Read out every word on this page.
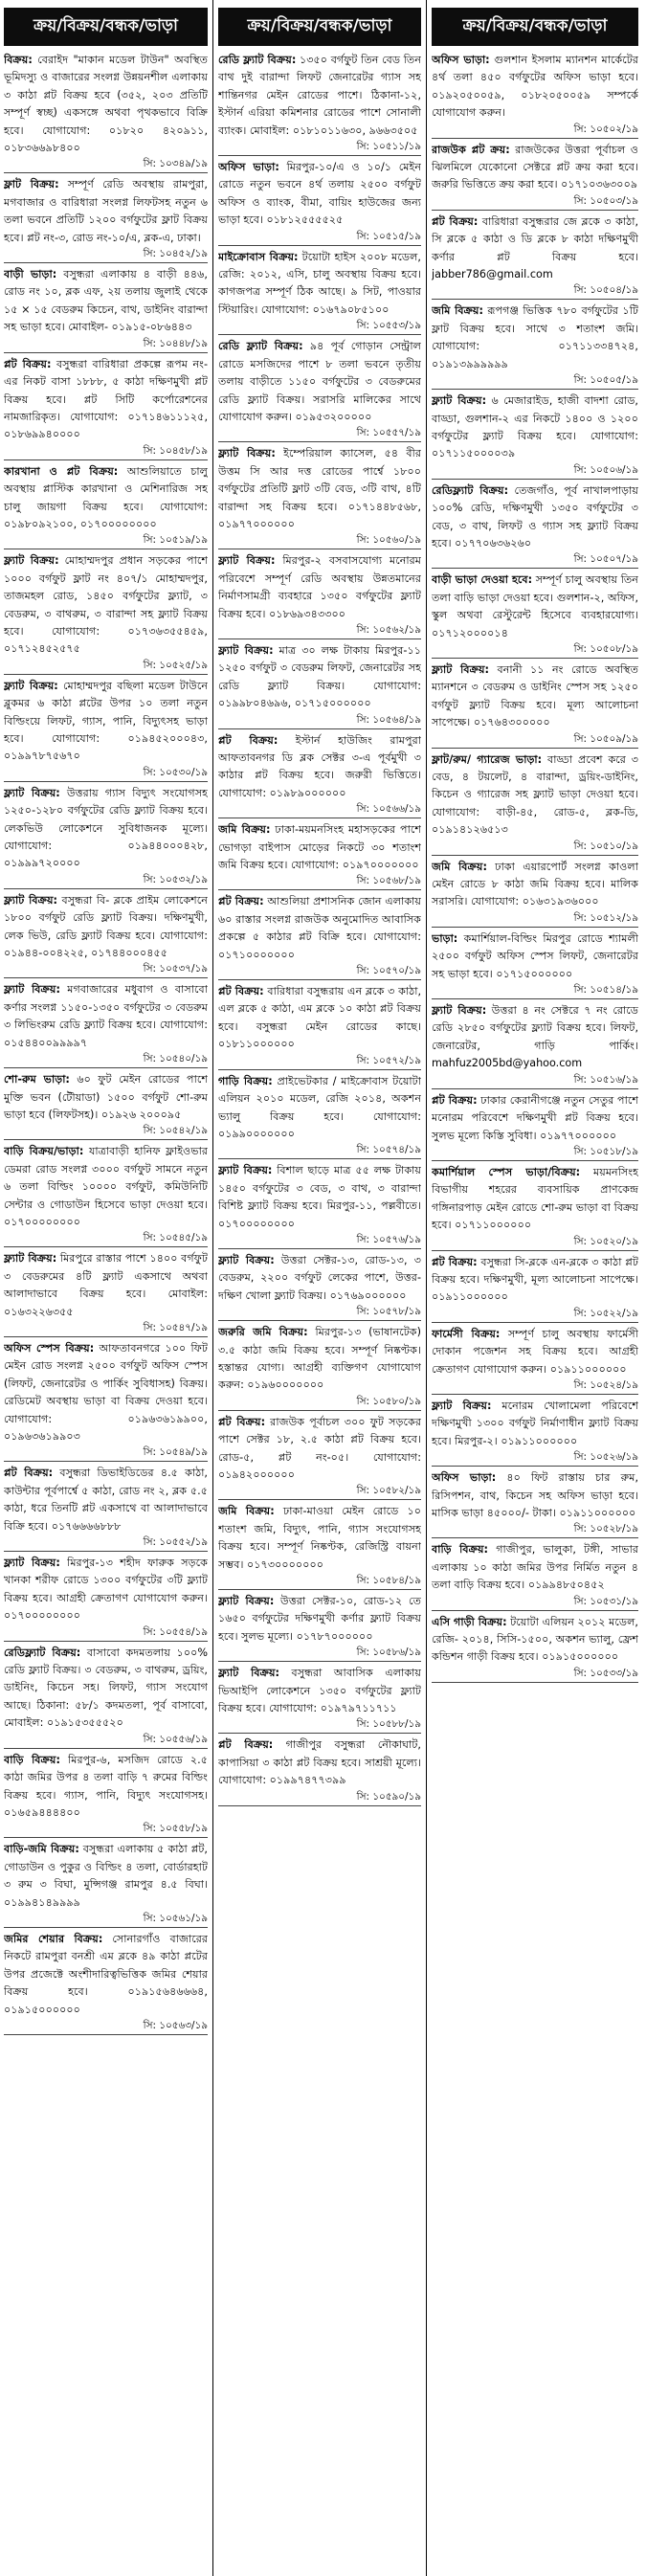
ক্রয়/বিক্রয়/বন্ধক/ভাড়া
বিক্রয়: বেরাইদ "মাকান মডেল টাউন" অবস্থিত ভূমিদস্যু ও বাজারের সংলগ্ন উন্নয়নশীল এলাকায় ৩ কাঠা প্লট বিক্রয় হবে (৩৫২, ২০৩ প্রতিটি সম্পূর্ণ স্বচ্ছ) একসঙ্গে অথবা পৃথকভাবে বিক্রি হবে। যোগাযোগ: ০১৮২০ ৪২০৯১১, ০১৮৩৬৬৯৮৪০০
সি: ১০৩৪৯/১৯
ফ্লাট বিক্রয়: সম্পূর্ণ রেডি অবস্থায় রামপুরা, মগবাজার ও বারিধারা সংলগ্ন লিফটসহ নতুন ৬ তলা ভবনে প্রতিটি ১২০০ বর্গফুটের ফ্লাট বিক্রয় হবে। প্লট নং-৩, রোড নং-১০/এ, ব্লক-এ, ঢাকা।
সি: ১০৪৫২/১৯
বাড়ী ভাড়া: বসুন্ধরা এলাকায় ৪ বাড়ী ৪৪৬, রোড নং ১০, ব্লক এফ, ২য় তলায় জুলাই থেকে ১৫ × ১৫ বেডরুম কিচেন, বাথ, ডাইনিং বারান্দা সহ ভাড়া হবে। মোবাইল- ০১৯১৫-০৮৬৪৪৩
সি: ১০৪৪৮/১৯
প্লট বিক্রয়: বসুন্ধরা বারিধারা প্রকল্পে রূপম নং-এর নিকট বাসা ১৮৮৮, ৫ কাঠা দক্ষিণমুখী প্লট বিক্রয় হবে। প্লট সিটি কর্পোরেশনের নামজারিকৃত। যোগাযোগ: ০১৭১৪৬১১১২৫, ০১৮৬৯৯৪০০০০
সি: ১০৪৫৮/১৯
কারখানা ও প্লট বিক্রয়: আশুলিয়াতে চালু অবস্থায় প্লাস্টিক কারখানা ও মেশিনারিজ সহ চালু জায়গা বিক্রয় হবে। যোগাযোগ: ০১৯৮০৯২১০০, ০১৭০০০০০০০০
সি: ১০৫১৯/১৯
ফ্ল্যাট বিক্রয়: মোহাম্মদপুর প্রধান সড়কের পাশে ১০০০ বর্গফুট ফ্লাট নং ৪০৭/১ মোহাম্মদপুর, তাজমহল রোড, ১৪৫০ বর্গফুটের ফ্ল্যাট, ৩ বেডরুম, ৩ বাথরুম, ৩ বারান্দা সহ ফ্ল্যাট বিক্রয় হবে। যোগাযোগ: ০১৭৩৬৩৫৫৪৫৯, ০১৭১২৪৫২৫৭৫
সি: ১০৫২৫/১৯
ফ্ল্যাট বিক্রয়: মোহাম্মদপুর বছিলা মডেল টাউনে ব্লুকমর ৬ কাঠা প্লটের উপর ১০ তলা নতুন বিল্ডিংয়ে লিফট, গ্যাস, পানি, বিদ্যুৎসহ ভাড়া হবে। যোগাযোগ: ০১৯৪৫২০০০৪৩, ০১৯৯৭৮৭৫৬৭০
সি: ১০৫৩০/১৯
ফ্ল্যাট বিক্রয়: উত্তরায় গ্যাস বিদ্যুৎ সংযোগসহ ১২৫০-১২৮০ বর্গফুটের রেডি ফ্ল্যাট বিক্রয় হবে। লেকভিউ লোকেশনে সুবিধাজনক মূল্যে। যোগাযোগ: ০১৯৪৪০০০৪২৮, ০১৯৯৯৭২০০০০
সি: ১০৫৩২/১৯
ফ্ল্যাট বিক্রয়: বসুন্ধরা বি- ব্লকে প্রাইম লোকেশনে ১৮০০ বর্গফুট রেডি ফ্ল্যাট বিক্রয়। দক্ষিণমুখী, লেক ভিউ, রেডি ফ্ল্যাট বিক্রয় হবে। যোগাযোগ: ০১৯৪৪-০০৪২২৫, ০১৭৪৪০০০৪৫৫
সি: ১০৫৩৭/১৯
ফ্ল্যাট বিক্রয়: মগবাজারের মধুবাগ ও বাসাবো কর্ণার সংলগ্ন ১১৫০-১৩৫০ বর্গফুটের ৩ বেডরুম ৩ লিভিংরুম রেডি ফ্ল্যাট বিক্রয় হবে। যোগাযোগ: ০১৫৪৪০০৯৯৯৯৭
সি: ১০৫৪০/১৯
শো-রুম ভাড়া: ৬০ ফুট মেইন রোডের পাশে মুক্তি ভবন (টৌয়াডা) ১৫০০ বর্গফুট শো-রুম ভাড়া হবে (লিফটসহ)। ০১৯২৬ ২০০০৯৫
সি: ১০৫৪২/১৯
বাড়ি বিক্রয়/ভাড়া: যাত্রাবাড়ী হানিফ ফ্লাইওভার ডেমরা রোড সংলগ্ন ৩০০০ বর্গফুট সামনে নতুন ৬ তলা বিল্ডিং ১০০০০ বর্গফুট, কমিউনিটি সেন্টার ও গোডাউন হিসেবে ভাড়া দেওয়া হবে। ০১৭০০০০০০০০
সি: ১০৫৪৫/১৯
ফ্ল্যাট বিক্রয়: মিরপুরে রাস্তার পাশে ১৪০০ বর্গফুট ৩ বেডরুমের ৪টি ফ্ল্যাট একসাথে অথবা আলাদাভাবে বিক্রয় হবে। মোবাইল: ০১৬৩২২৬৩৫৫
সি: ১০৫৪৭/১৯
অফিস স্পেস বিক্রয়: আফতাবনগরে ১০০ ফিট মেইন রোড সংলগ্ন ২৫০০ বর্গফুট অফিস স্পেস (লিফট, জেনারেটর ও পার্কিং সুবিধাসহ) বিক্রয়। রেডিমেট অবস্থায় ভাড়া বা বিক্রয় দেওয়া হবে। যোগাযোগ: ০১৯৬৩৬১৯৯০০, ০১৯৬৩৬১৯৯০৩
সি: ১০৫৪৯/১৯
প্লট বিক্রয়: বসুন্ধরা ডিভাইডিডের ৪.৫ কাঠা, কাউন্টার পূর্বপার্শ্বে ৫ কাঠা, রোড নং ২, ব্লক ৫.৫ কাঠা, ধরে তিনটি প্লট একসাথে বা আলাদাভাবে বিক্রি হবে। ০১৭৬৬৬৬৮৮৮
সি: ১০৫৫২/১৯
ফ্ল্যাট বিক্রয়: মিরপুর-১৩ শহীদ ফারুক সড়কে খানকা শরীফ রোডে ১৩০০ বর্গফুটের ৩টি ফ্ল্যাট বিক্রয় হবে। আগ্রহী ক্রেতাগণ যোগাযোগ করুন। ০১৭০০০০০০০০
সি: ১০৫৫৪/১৯
রেডিফ্ল্যাট বিক্রয়: বাসাবো কদমতলায় ১০০% রেডি ফ্ল্যাট বিক্রয়। ৩ বেডরুম, ৩ বাথরুম, ড্রয়িং, ডাইনিং, কিচেন সহ। লিফট, গ্যাস সংযোগ আছে। ঠিকানা: ৫৮/১ কদমতলা, পূর্ব বাসাবো, মোবাইল: ০১৯১৫৩৫৫৫২০
সি: ১০৫৫৬/১৯
বাড়ি বিক্রয়: মিরপুর-৬, মসজিদ রোডে ২.৫ কাঠা জমির উপর ৪ তলা বাড়ি ৭ রুমের বিল্ডিং বিক্রয় হবে। গ্যাস, পানি, বিদ্যুৎ সংযোগসহ। ০১৬৫৯৪৪৪৪০০
সি: ১০৫৫৮/১৯
বাড়ি-জমি বিক্রয়: বসুন্ধরা এলাকায় ৫ কাঠা প্লট, গোডাউন ও পুকুর ও বিল্ডিং ৪ তলা, বোর্ডারহাট ৩ রুম ৩ বিঘা, মুন্সিগঞ্জ রামপুর ৪.৫ বিঘা। ০১৯৯৪১৪৯৯৯৯
সি: ১০৫৬১/১৯
জমির শেয়ার বিক্রয়: সোনারগাঁও বাজারের নিকটে রামপুরা বনশ্রী এম ব্লকে ৪৯ কাঠা প্লটের উপর প্রজেক্টে অংশীদারিত্বভিত্তিক জমির শেয়ার বিক্রয় হবে। ০১৯১৫৬৪৬৬৬৪, ০১৯১৫০০০০০০
সি: ১০৫৬৩/১৯
ক্রয়/বিক্রয়/বন্ধক/ভাড়া
রেডি ফ্ল্যাট বিক্রয়: ১৩৫০ বর্গফুট তিন বেড তিন বাথ দুই বারান্দা লিফট জেনারেটর গ্যাস সহ শান্তিনগর মেইন রোডের পাশে। ঠিকানা-১২, ইস্টার্ন এরিয়া কমিশনার রোডের পাশে সোনালী ব্যাংক। মোবাইল: ০১৮১০১১৬৩০, ৯৬৬৩৫০৫
সি: ১০৫১১/১৯
অফিস ভাড়া: মিরপুর-১০/এ ও ১০/১ মেইন রোডে নতুন ভবনে ৪র্থ তলায় ২৫০০ বর্গফুট অফিস ও ব্যাংক, বীমা, বায়িং হাউজের জন্য ভাড়া হবে। ০১৮১২৫৫৫৫২৫
সি: ১০৫১৫/১৯
মাইক্রোবাস বিক্রয়: টয়োটা হাইস ২০০৮ মডেল, রেজি: ২০১২, এসি, চালু অবস্থায় বিক্রয় হবে। কাগজপত্র সম্পূর্ণ ঠিক আছে। ৯ সিট, পাওয়ার স্টিয়ারিং। যোগাযোগ: ০১৬৭৯০৮৫১০০
সি: ১০৫৫৩/১৯
রেডি ফ্ল্যাট বিক্রয়: ৯৪ পূর্ব গোড়ান সেন্ট্রাল রোডে মসজিদের পাশে ৮ তলা ভবনে তৃতীয় তলায় বাড়ীতে ১১৫০ বর্গফুটের ৩ বেডরুমের রেডি ফ্ল্যাট বিক্রয়। সরাসরি মালিকের সাথে যোগাযোগ করুন। ০১৯৫৩২০০০০০
সি: ১০৫৫৭/১৯
ফ্ল্যাট বিক্রয়: ইম্পেরিয়াল ক্যাসেল, ৫৪ বীর উত্তম সি আর দত্ত রোডের পার্শ্বে ১৮০০ বর্গফুটের প্রতিটি ফ্লাট ৩টি বেড, ৩টি বাথ, ৪টি বারান্দা সহ বিক্রয় হবে। ০১৭১৪৪৮৫৬৮, ০১৯৭৭০০০০০০
সি: ১০৫৬০/১৯
ফ্ল্যাট বিক্রয়: মিরপুর-২ বসবাসযোগ্য মনোরম পরিবেশে সম্পূর্ণ রেডি অবস্থায় উন্নতমানের নির্মাণসামগ্রী ব্যবহারে ১৩৫০ বর্গফুটের ফ্ল্যাট বিক্রয় হবে। ০১৮৬৯৩৪৩৩০০
সি: ১০৫৬২/১৯
ফ্ল্যাট বিক্রয়: মাত্র ৩০ লক্ষ টাকায় মিরপুর-১১ ১২৫০ বর্গফুট ৩ বেডরুম লিফট, জেনারেটর সহ রেডি ফ্ল্যাট বিক্রয়। যোগাযোগ: ০১৯৯৮০৪৬৯৬, ০১৭১৫০০০০০০
সি: ১০৫৬৪/১৯
প্লট বিক্রয়: ইস্টার্ন হাউজিং রামপুরা আফতাবনগর ডি ব্লক সেক্টর ৩-এ পূর্বমুখী ৩ কাঠার প্লট বিক্রয় হবে। জরুরী ভিত্তিতে। যোগাযোগ: ০১৯৮৯০০০০০০
সি: ১০৫৬৬/১৯
জমি বিক্রয়: ঢাকা-ময়মনসিংহ মহাসড়কের পাশে ভোগড়া বাইপাস মোড়ের নিকটে ৩০ শতাংশ জমি বিক্রয় হবে। যোগাযোগ: ০১৯৭০০০০০০০
সি: ১০৫৬৮/১৯
প্লট বিক্রয়: আশুলিয়া প্রশাসনিক জোন এলাকায় ৬০ রাস্তার সংলগ্ন রাজউক অনুমোদিত আবাসিক প্রকল্পে ৫ কাঠার প্লট বিক্রি হবে। যোগাযোগ: ০১৭১০০০০০০০
সি: ১০৫৭০/১৯
প্লট বিক্রয়: বারিধারা বসুন্ধরায় এন ব্লকে ৩ কাঠা, এল ব্লকে ৫ কাঠা, এম ব্লকে ১০ কাঠা প্লট বিক্রয় হবে। বসুন্ধরা মেইন রোডের কাছে। ০১৮১১০০০০০০
সি: ১০৫৭২/১৯
গাড়ি বিক্রয়: প্রাইভেটকার / মাইক্রোবাস টয়োটা এলিয়ন ২০১০ মডেল, রেজি ২০১৪, অকশন ভ্যালু বিক্রয় হবে। যোগাযোগ: ০১৯৯০০০০০০০
সি: ১০৫৭৪/১৯
ফ্ল্যাট বিক্রয়: বিশাল ছাড়ে মাত্র ৫৫ লক্ষ টাকায় ১৪৫০ বর্গফুটের ৩ বেড, ৩ বাথ, ৩ বারান্দা বিশিষ্ট ফ্ল্যাট বিক্রয় হবে। মিরপুর-১১, পল্লবীতে। ০১৭০০০০০০০০
সি: ১০৫৭৬/১৯
ফ্ল্যাট বিক্রয়: উত্তরা সেক্টর-১৩, রোড-১৩, ৩ বেডরুম, ২২০০ বর্গফুট লেকের পাশে, উত্তর-দক্ষিণ খোলা ফ্ল্যাট বিক্রয়। ০১৭৬৯০০০০০০
সি: ১০৫৭৮/১৯
জরুরি জমি বিক্রয়: মিরপুর-১৩ (ভাষানটেক) ৩.৫ কাঠা জমি বিক্রয় হবে। সম্পূর্ণ নিষ্কণ্টক। হস্তান্তর যোগ্য। আগ্রহী ব্যক্তিগণ যোগাযোগ করুন: ০১৯৬০০০০০০০
সি: ১০৫৮০/১৯
প্লট বিক্রয়: রাজউক পূর্বাচল ৩০০ ফুট সড়কের পাশে সেক্টর ১৮, ২.৫ কাঠা প্লট বিক্রয় হবে। রোড-৫, প্লট নং-০৫। যোগাযোগ: ০১৯৪২০০০০০০
সি: ১০৫৮২/১৯
জমি বিক্রয়: ঢাকা-মাওয়া মেইন রোডে ১০ শতাংশ জমি, বিদ্যুৎ, পানি, গ্যাস সংযোগসহ বিক্রয় হবে। সম্পূর্ণ নিষ্কণ্টক, রেজিস্ট্রি বায়না সম্ভব। ০১৭৩০০০০০০০
সি: ১০৫৮৪/১৯
ফ্ল্যাট বিক্রয়: উত্তরা সেক্টর-১০, রোড-১২ তে ১৬৫০ বর্গফুটের দক্ষিণমুখী কর্ণার ফ্ল্যাট বিক্রয় হবে। সুলভ মূল্যে। ০১৭৮৭০০০০০০
সি: ১০৫৮৬/১৯
ফ্ল্যাট বিক্রয়: বসুন্ধরা আবাসিক এলাকায় ভিআইপি লোকেশনে ১৩৫০ বর্গফুটের ফ্ল্যাট বিক্রয় হবে। যোগাযোগ: ০১৯৭৯৭১১৭১১
সি: ১০৫৮৮/১৯
প্লট বিক্রয়: গাজীপুর বসুন্ধরা নৌকাঘাট, কাপাসিয়া ৩ কাঠা প্লট বিক্রয় হবে। সাশ্রয়ী মূল্যে। যোগাযোগ: ০১৯৯৭৪৭৭৩৯৯
সি: ১০৫৯০/১৯
ক্রয়/বিক্রয়/বন্ধক/ভাড়া
অফিস ভাড়া: গুলশান ইসলাম ম্যানশন মার্কেটের ৪র্থ তলা ৪৫০ বর্গফুটের অফিস ভাড়া হবে। ০১৯২০৫০০৫৯, ০১৮২০৫০০৫৯ সম্পর্কে যোগাযোগ করুন।
সি: ১০৫০২/১৯
রাজউক প্লট ক্রয়: রাজউকের উত্তরা পূর্বাচল ও ঝিলমিলে যেকোনো সেক্টরে প্লট ক্রয় করা হবে। জরুরি ভিত্তিতে ক্রয় করা হবে। ০১৭১০৩৬৩০০৯
সি: ১০৫০৩/১৯
প্লট বিক্রয়: বারিধারা বসুন্ধরার জে ব্লকে ৩ কাঠা, সি ব্লকে ৫ কাঠা ও ডি ব্লকে ৮ কাঠা দক্ষিণমুখী কর্ণার প্লট বিক্রয় হবে। jabber786@gmail.com
সি: ১০৫০৪/১৯
জমি বিক্রয়: রূপগঞ্জ ভিত্তিক ৭৮০ বর্গফুটের ১টি ফ্লাট বিক্রয় হবে। সাথে ৩ শতাংশ জমি। যোগাযোগ: ০১৭১১৩৩৪৭২৪, ০১৯১৩৯৯৯৯৯৯
সি: ১০৫০৫/১৯
ফ্ল্যাট বিক্রয়: ৬ মেজারাইড, হাজী বাদশা রোড, বাড্ডা, গুলশান-২ এর নিকটে ১৪০০ ও ১২০০ বর্গফুটের ফ্ল্যাট বিক্রয় হবে। যোগাযোগ: ০১৭১১৫০০০০৩৯
সি: ১০৫০৬/১৯
রেডিফ্ল্যাট বিক্রয়: তেজগাঁও, পূর্ব নাখালপাড়ায় ১০০% রেডি, দক্ষিণমুখী ১৩৫০ বর্গফুটের ৩ বেড, ৩ বাথ, লিফট ও গ্যাস সহ ফ্ল্যাট বিক্রয় হবে। ০১৭৭০৬৩৬২৬০
সি: ১০৫০৭/১৯
বাড়ী ভাড়া দেওয়া হবে: সম্পূর্ণ চালু অবস্থায় তিন তলা বাড়ি ভাড়া দেওয়া হবে। গুলশান-২, অফিস, স্কুল অথবা রেস্টুরেন্ট হিসেবে ব্যবহারযোগ্য। ০১৭১২০০০০১৪
সি: ১০৫০৮/১৯
ফ্ল্যাট বিক্রয়: বনানী ১১ নং রোডে অবস্থিত ম্যানশনে ৩ বেডরুম ও ডাইনিং স্পেস সহ ১২৫০ বর্গফুট ফ্ল্যাট বিক্রয় হবে। মূল্য আলোচনা সাপেক্ষে। ০১৭৬৪৩০০০০০
সি: ১০৫০৯/১৯
ফ্লাট/রুম/ গ্যারেজ ভাড়া: বাড্ডা প্রবেশ করে ৩ বেড, ৪ টয়লেট, ৪ বারান্দা, ড্রয়িং-ডাইনিং, কিচেন ও গ্যারেজ সহ ফ্ল্যাট ভাড়া দেওয়া হবে। যোগাযোগ: বাড়ী-৪৫, রোড-৫, ব্লক-ডি, ০১৯১৪১২৬৫১৩
সি: ১০৫১০/১৯
জমি বিক্রয়: ঢাকা এয়ারপোর্ট সংলগ্ন কাওলা মেইন রোডে ৮ কাঠা জমি বিক্রয় হবে। মালিক সরাসরি। যোগাযোগ: ০১৬৩১৯৩৬০০০
সি: ১০৫১২/১৯
ভাড়া: কমার্শিয়াল-বিল্ডিং মিরপুর রোডে শ্যামলী ২৫০০ বর্গফুট অফিস স্পেস লিফট, জেনারেটর সহ ভাড়া হবে। ০১৭১৫০০০০০০
সি: ১০৫১৪/১৯
ফ্ল্যাট বিক্রয়: উত্তরা ৪ নং সেক্টরে ৭ নং রোডে রেডি ২৮৫০ বর্গফুটের ফ্ল্যাট বিক্রয় হবে। লিফট, জেনারেটর, গাড়ি পার্কিং। mahfuz2005bd@yahoo.com
সি: ১০৫১৬/১৯
প্লট বিক্রয়: ঢাকার কেরানীগঞ্জে নতুন সেতুর পাশে মনোরম পরিবেশে দক্ষিণমুখী প্লট বিক্রয় হবে। সুলভ মূল্যে কিস্তি সুবিধা। ০১৯৭৭০০০০০০
সি: ১০৫১৮/১৯
কমার্শিয়াল স্পেস ভাড়া/বিক্রয়: ময়মনসিংহ বিভাগীয় শহরের ব্যবসায়িক প্রাণকেন্দ্র গঙ্গিনারপাড় মেইন রোডে শো-রুম ভাড়া বা বিক্রয় হবে। ০১৭১১০০০০০০
সি: ১০৫২০/১৯
প্লট বিক্রয়: বসুন্ধরা সি-ব্লকে এন-ব্লকে ৩ কাঠা প্লট বিক্রয় হবে। দক্ষিণমুখী, মূল্য আলোচনা সাপেক্ষে। ০১৯১১০০০০০০
সি: ১০৫২২/১৯
ফার্মেসী বিক্রয়: সম্পূর্ণ চালু অবস্থায় ফার্মেসী দোকান পজেশন সহ বিক্রয় হবে। আগ্রহী ক্রেতাগণ যোগাযোগ করুন। ০১৯১১০০০০০০
সি: ১০৫২৪/১৯
ফ্ল্যাট বিক্রয়: মনোরম খোলামেলা পরিবেশে দক্ষিণমুখী ১৩০০ বর্গফুট নির্মাণাধীন ফ্ল্যাট বিক্রয় হবে। মিরপুর-২। ০১৯১১০০০০০০
সি: ১০৫২৬/১৯
অফিস ভাড়া: ৪০ ফিট রাস্তায় চার রুম, রিসিপশন, বাথ, কিচেন সহ অফিস ভাড়া হবে। মাসিক ভাড়া ৪৫০০০/- টাকা। ০১৯১১০০০০০০
সি: ১০৫২৮/১৯
বাড়ি বিক্রয়: গাজীপুর, ভালুকা, টঙ্গী, সাভার এলাকায় ১০ কাঠা জমির উপর নির্মিত নতুন ৪ তলা বাড়ি বিক্রয় হবে। ০১৯৯৪৮৫০৪৫২
সি: ১০৫৩১/১৯
এসি গাড়ী বিক্রয়: টয়োটা এলিয়ন ২০১২ মডেল, রেজি- ২০১৪, সিসি-১৫০০, অকশন ভ্যালু, ফ্রেশ কন্ডিশন গাড়ী বিক্রয় হবে। ০১৯১৫০০০০০০
সি: ১০৫৩৩/১৯
